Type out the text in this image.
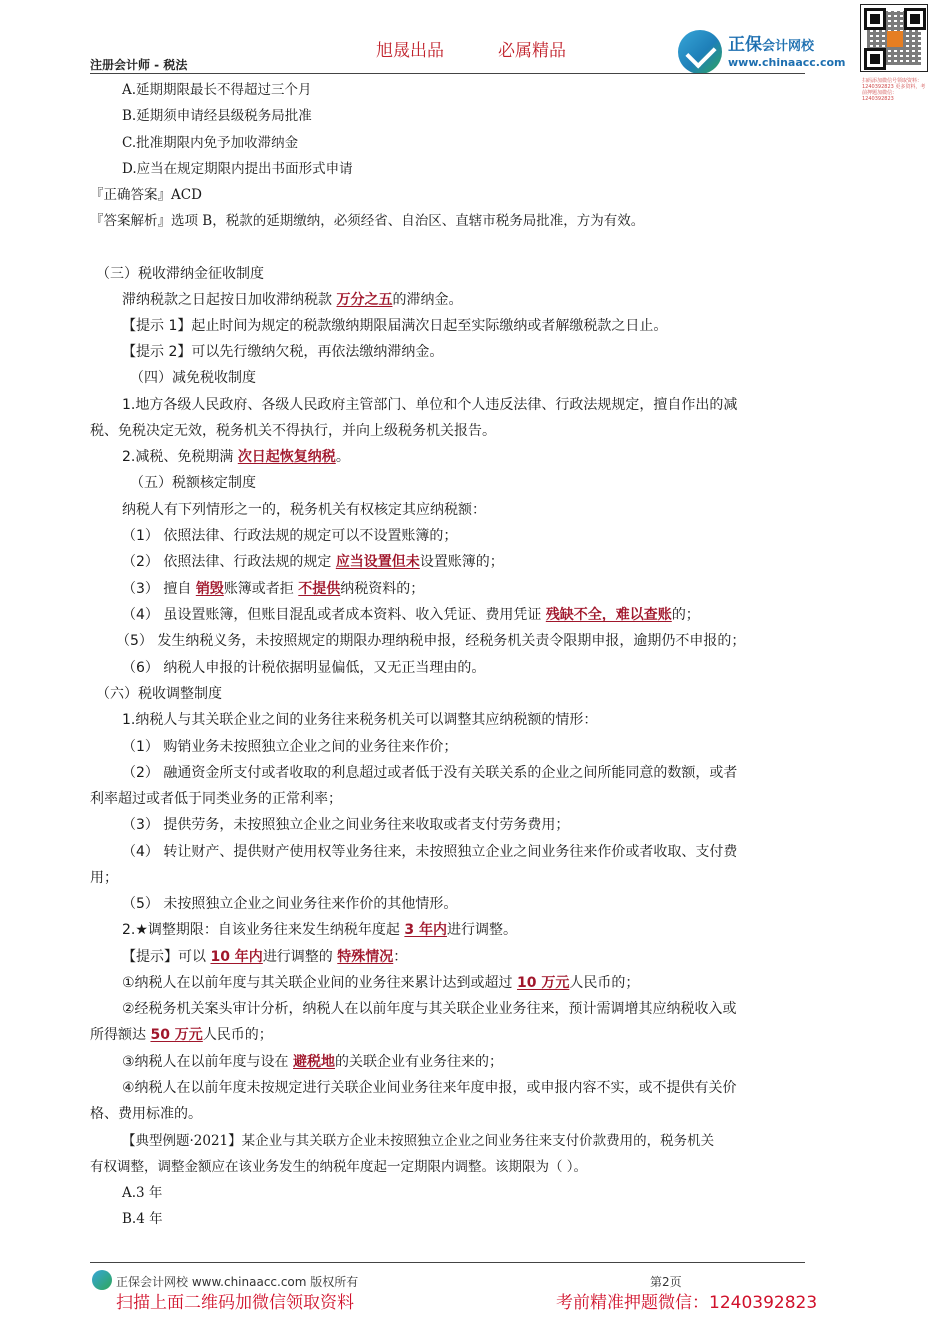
旭晟出品	必属精品
注册会计师 - 税法
正保会计网校
www.chinaacc.com
扫码添加微信号领取资料：1240392823 更多资料，考前押题加微信：1240392823
A.延期期限最长不得超过三个月
B.延期须申请经县级税务局批准
C.批准期限内免予加收滞纳金
D.应当在规定期限内提出书面形式申请
『正确答案』ACD
『答案解析』选项 B，税款的延期缴纳，必须经省、自治区、直辖市税务局批准，方为有效。
（三）税收滞纳金征收制度
滞纳税款之日起按日加收滞纳税款 万分之五的滞纳金。
【提示 1】起止时间为规定的税款缴纳期限届满次日起至实际缴纳或者解缴税款之日止。
【提示 2】可以先行缴纳欠税，再依法缴纳滞纳金。
（四）减免税收制度
1.地方各级人民政府、各级人民政府主管部门、单位和个人违反法律、行政法规规定，擅自作出的减
税、免税决定无效，税务机关不得执行，并向上级税务机关报告。
2.减税、免税期满 次日起恢复纳税。
（五）税额核定制度
纳税人有下列情形之一的，税务机关有权核定其应纳税额：
（1） 依照法律、行政法规的规定可以不设置账簿的；
（2） 依照法律、行政法规的规定 应当设置但未设置账簿的；
（3） 擅自 销毁账簿或者拒 不提供纳税资料的；
（4） 虽设置账簿，但账目混乱或者成本资料、收入凭证、费用凭证 残缺不全，难以查账的；
（5） 发生纳税义务，未按照规定的期限办理纳税申报，经税务机关责令限期申报，逾期仍不申报的；
（6） 纳税人申报的计税依据明显偏低，又无正当理由的。
（六）税收调整制度
1.纳税人与其关联企业之间的业务往来税务机关可以调整其应纳税额的情形：
（1） 购销业务未按照独立企业之间的业务往来作价；
（2） 融通资金所支付或者收取的利息超过或者低于没有关联关系的企业之间所能同意的数额，或者
利率超过或者低于同类业务的正常利率；
（3） 提供劳务，未按照独立企业之间业务往来收取或者支付劳务费用；
（4） 转让财产、提供财产使用权等业务往来，未按照独立企业之间业务往来作价或者收取、支付费
用；
（5） 未按照独立企业之间业务往来作价的其他情形。
2.★调整期限：自该业务往来发生纳税年度起 3 年内进行调整。
【提示】可以 10 年内进行调整的 特殊情况：
①纳税人在以前年度与其关联企业间的业务往来累计达到或超过 10 万元人民币的；
②经税务机关案头审计分析，纳税人在以前年度与其关联企业业务往来，预计需调增其应纳税收入或
所得额达 50 万元人民币的；
③纳税人在以前年度与设在 避税地的关联企业有业务往来的；
④纳税人在以前年度未按规定进行关联企业间业务往来年度申报，或申报内容不实，或不提供有关价
格、费用标准的。
【典型例题·2021】某企业与其关联方企业未按照独立企业之间业务往来支付价款费用的，税务机关
有权调整，调整金额应在该业务发生的纳税年度起一定期限内调整。该期限为（ ）。
A.3 年
B.4 年
正保会计网校 www.chinaacc.com 版权所有	第2页
扫描上面二维码加微信领取资料	考前精准押题微信：1240392823
